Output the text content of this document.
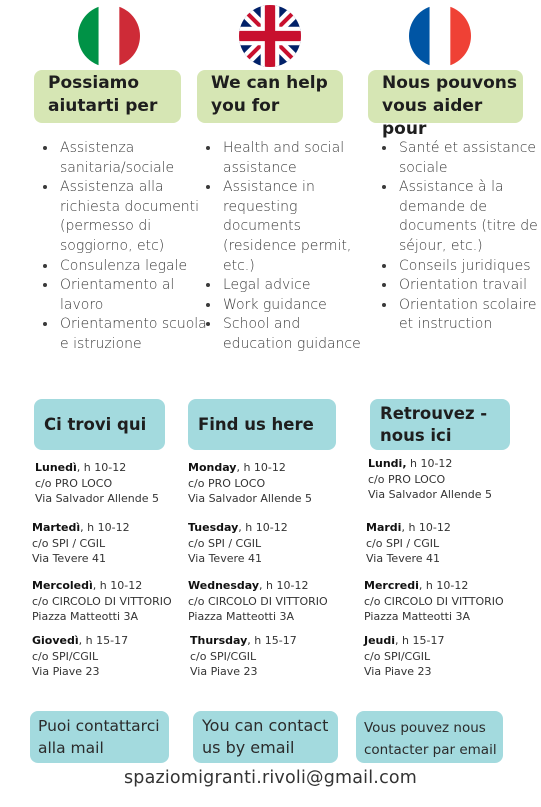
Possiamo aiutarti per
We can help you for
Nous pouvons vous aider pour
• Assistenza sanitaria/sociale
• Assistenza alla richiesta documenti (permesso di soggiorno, etc)
• Consulenza legale
• Orientamento al lavoro
• Orientamento scuola e istruzione
• Health and social assistance
• Assistance in requesting documents (residence permit, etc.)
• Legal advice
• Work guidance
• School and education guidance
• Santé et assistance sociale
• Assistance à la demande de documents (titre de séjour, etc.)
• Conseils juridiques
• Orientation travail
• Orientation scolaire et instruction
Ci trovi qui	Find us here
Retrouvez - nous ici
Lunedì, h 10-12
c/o PRO LOCO
Via Salvador Allende 5
Martedì, h 10-12
c/o SPI / CGIL
Via Tevere 41
Mercoledì, h 10-12
c/o CIRCOLO DI VITTORIO
Piazza Matteotti 3A
Giovedì, h 15-17
c/o SPI/CGIL
Via Piave 23
Monday, h 10-12
c/o PRO LOCO
Via Salvador Allende 5
Tuesday, h 10-12
c/o SPI / CGIL
Via Tevere 41
Wednesday, h 10-12
c/o CIRCOLO DI VITTORIO
Piazza Matteotti 3A
Thursday, h 15-17
c/o SPI/CGIL
Via Piave 23
Lundi, h 10-12
c/o PRO LOCO
Via Salvador Allende 5
Mardi, h 10-12
c/o SPI / CGIL
Via Tevere 41
Mercredi, h 10-12
c/o CIRCOLO DI VITTORIO
Piazza Matteotti 3A
Jeudi, h 15-17
c/o SPI/CGIL
Via Piave 23
Puoi contattarci alla mail
You can contact us by email
Vous pouvez nous contacter par email
spaziomigranti.rivoli@gmail.com
